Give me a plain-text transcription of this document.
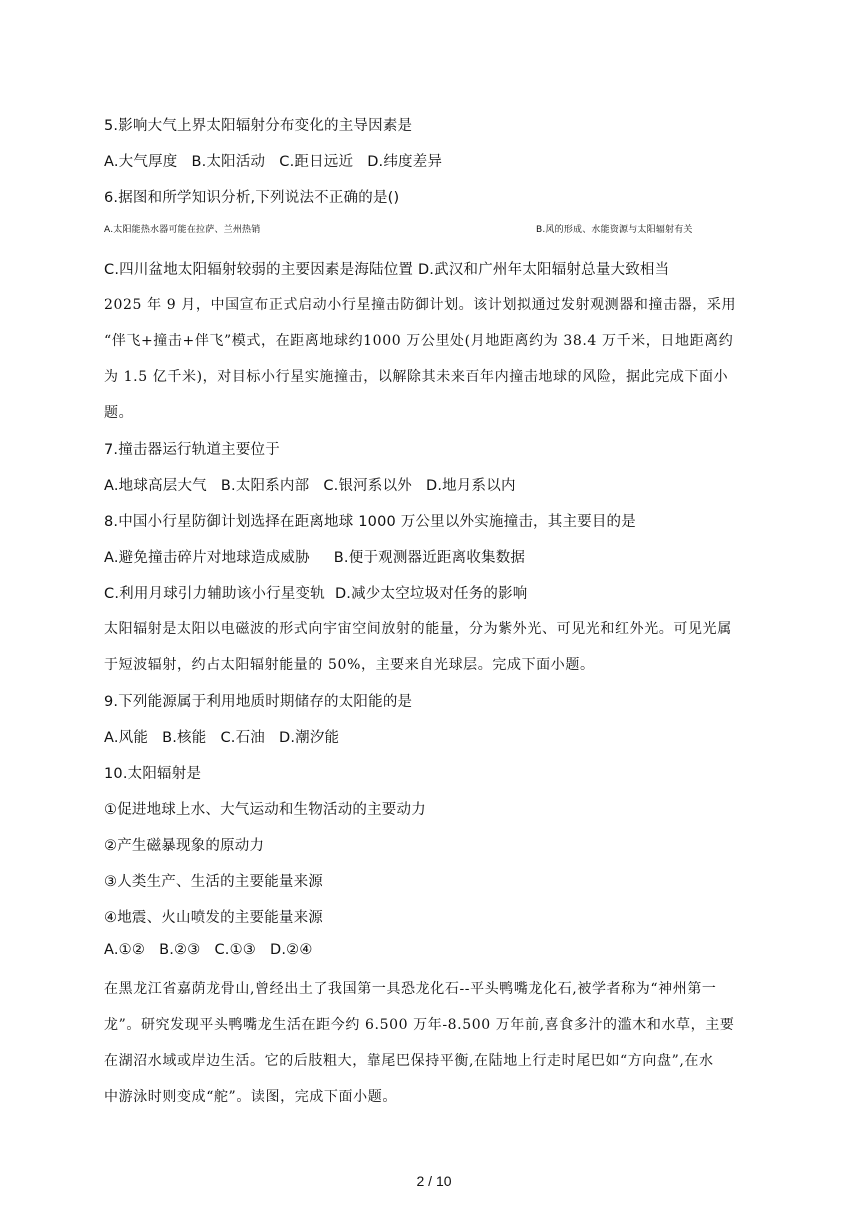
5.影响大气上界太阳辐射分布变化的主导因素是
A.大气厚度 B.太阳活动 C.距日远近 D.纬度差异
6.据图和所学知识分析,下列说法不正确的是()
A.太阳能热水器可能在拉萨、兰州热销	B.风的形成、水能资源与太阳辐射有关
C.四川盆地太阳辐射较弱的主要因素是海陆位置 D.武汉和广州年太阳辐射总量大致相当
2025 年 9 月，中国宣布正式启动小行星撞击防御计划。该计划拟通过发射观测器和撞击器，采用
“伴飞+撞击+伴飞”模式，在距离地球约1000 万公里处(月地距离约为 38.4 万千米，日地距离约
为 1.5 亿千米)，对目标小行星实施撞击，以解除其未来百年内撞击地球的风险，据此完成下面小
题。
7.撞击器运行轨道主要位于
A.地球高层大气 B.太阳系内部 C.银河系以外 D.地月系以内
8.中国小行星防御计划选择在距离地球 1000 万公里以外实施撞击，其主要目的是
A.避免撞击碎片对地球造成威胁 B.便于观测器近距离收集数据
C.利用月球引力辅助该小行星变轨 D.减少太空垃圾对任务的影响
太阳辐射是太阳以电磁波的形式向宇宙空间放射的能量，分为紫外光、可见光和红外光。可见光属
于短波辐射，约占太阳辐射能量的 50%，主要来自光球层。完成下面小题。
9.下列能源属于利用地质时期储存的太阳能的是
A.风能 B.核能 C.石油 D.潮汐能
10.太阳辐射是
①促进地球上水、大气运动和生物活动的主要动力
②产生磁暴现象的原动力
③人类生产、生活的主要能量来源
④地震、火山喷发的主要能量来源
A.①② B.②③ C.①③ D.②④
在黑龙江省嘉荫龙骨山,曾经出土了我国第一具恐龙化石--平头鸭嘴龙化石,被学者称为“神州第一
龙”。研究发现平头鸭嘴龙生活在距今约 6.500 万年-8.500 万年前,喜食多汁的滥木和水草，主要
在湖沼水域或岸边生活。它的后肢粗大，靠尾巴保持平衡,在陆地上行走时尾巴如“方向盘”,在水
中游泳时则变成“舵”。读图，完成下面小题。
2 / 10
